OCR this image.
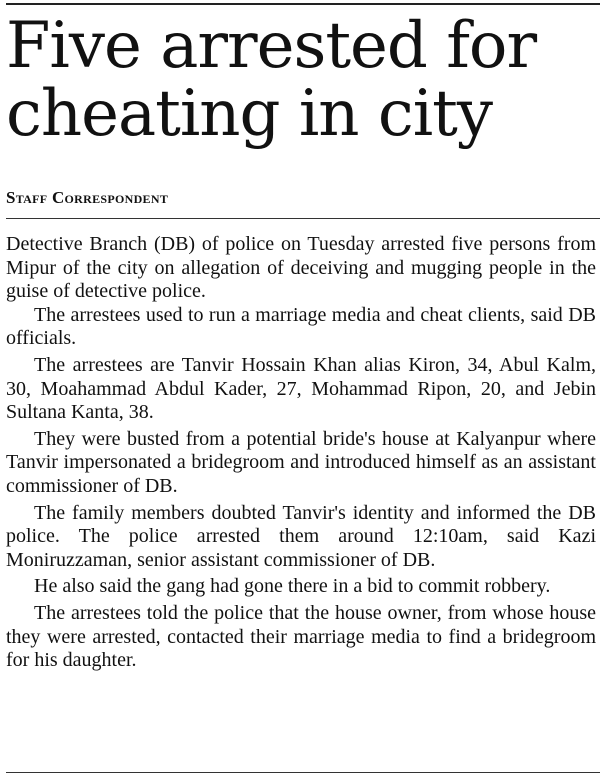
Five arrested for cheating in city
Staff Correspondent

Detective Branch (DB) of police on Tuesday arrested five persons from Mipur of the city on allegation of deceiving and mugging people in the guise of detective police.

The arrestees used to run a marriage media and cheat clients, said DB officials.

The arrestees are Tanvir Hossain Khan alias Kiron, 34, Abul Kalm, 30, Moahammad Abdul Kader, 27, Mohammad Ripon, 20, and Jebin Sultana Kanta, 38.

They were busted from a potential bride's house at Kalyanpur where Tanvir impersonated a bridegroom and introduced himself as an assistant commissioner of DB.

The family members doubted Tanvir's identity and informed the DB police. The police arrested them around 12:10am, said Kazi Moniruzzaman, senior assistant commissioner of DB.

He also said the gang had gone there in a bid to commit robbery.

The arrestees told the police that the house owner, from whose house they were arrested, contacted their marriage media to find a bridegroom for his daughter.
